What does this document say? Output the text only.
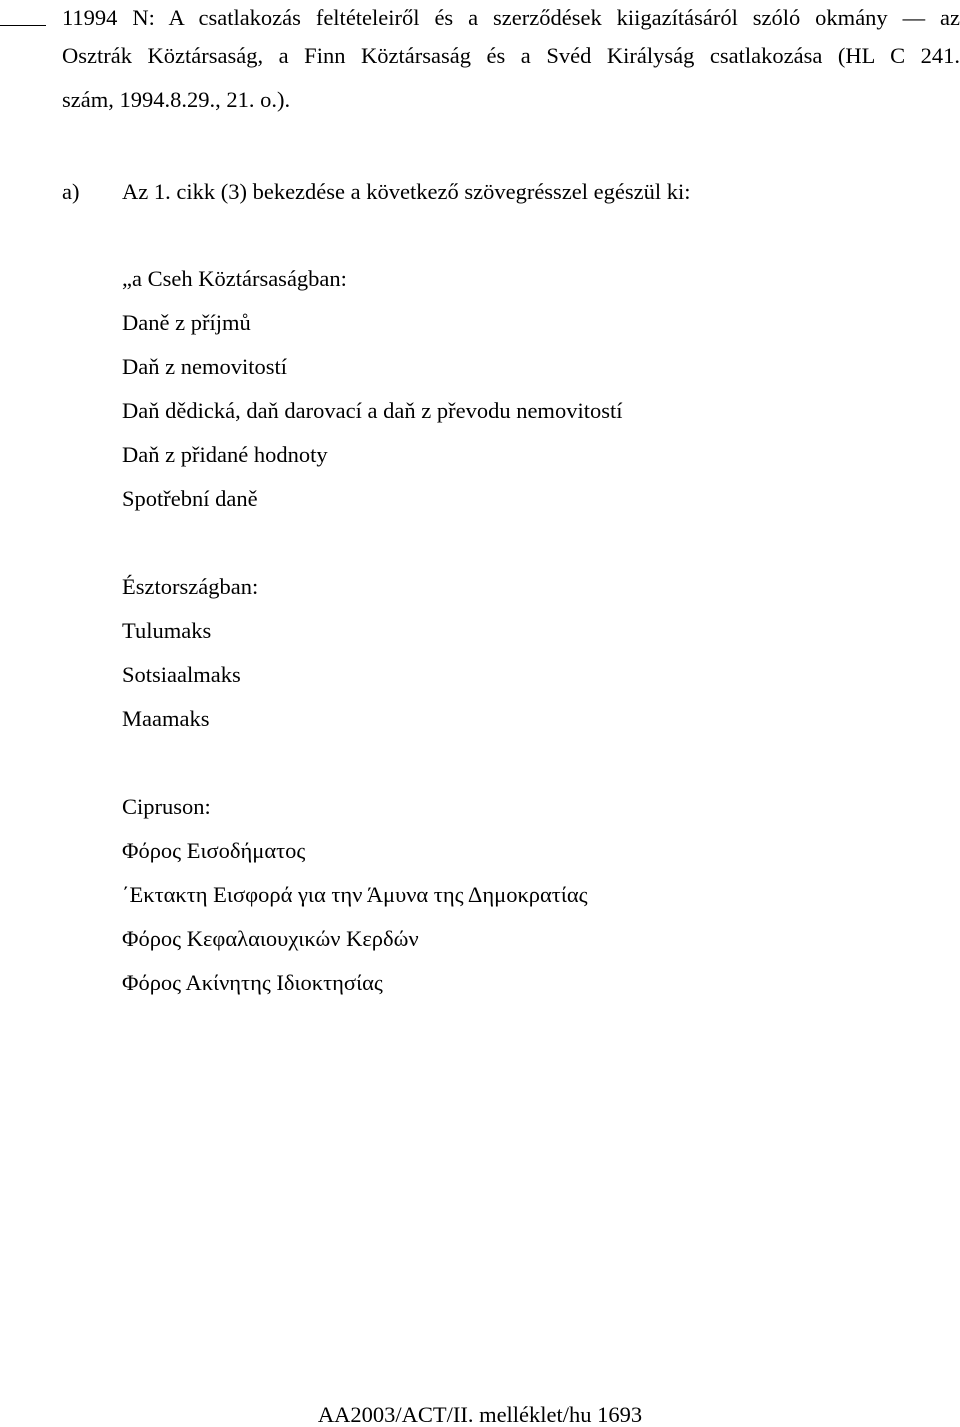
11994 N: A csatlakozás feltételeiről és a szerződések kiigazításáról szóló okmány — az
Osztrák Köztársaság, a Finn Köztársaság és a Svéd Királyság csatlakozása (HL C 241.
szám, 1994.8.29., 21. o.).
a) Az 1. cikk (3) bekezdése a következő szövegrésszel egészül ki:
„a Cseh Köztársaságban:
Daně z příjmů
Daň z nemovitostí
Daň dědická, daň darovací a daň z převodu nemovitostí
Daň z přidané hodnoty
Spotřební daně
Észtországban:
Tulumaks
Sotsiaalmaks
Maamaks
Cipruson:
Φόρος Εισοδήματος
΄Εκτακτη Εισφορά για την Άμυνα της Δημοκρατίας
Φόρος Κεφαλαιουχικών Κερδών
Φόρος Ακίνητης Ιδιοκτησίας
AA2003/ACT/II. melléklet/hu 1693
